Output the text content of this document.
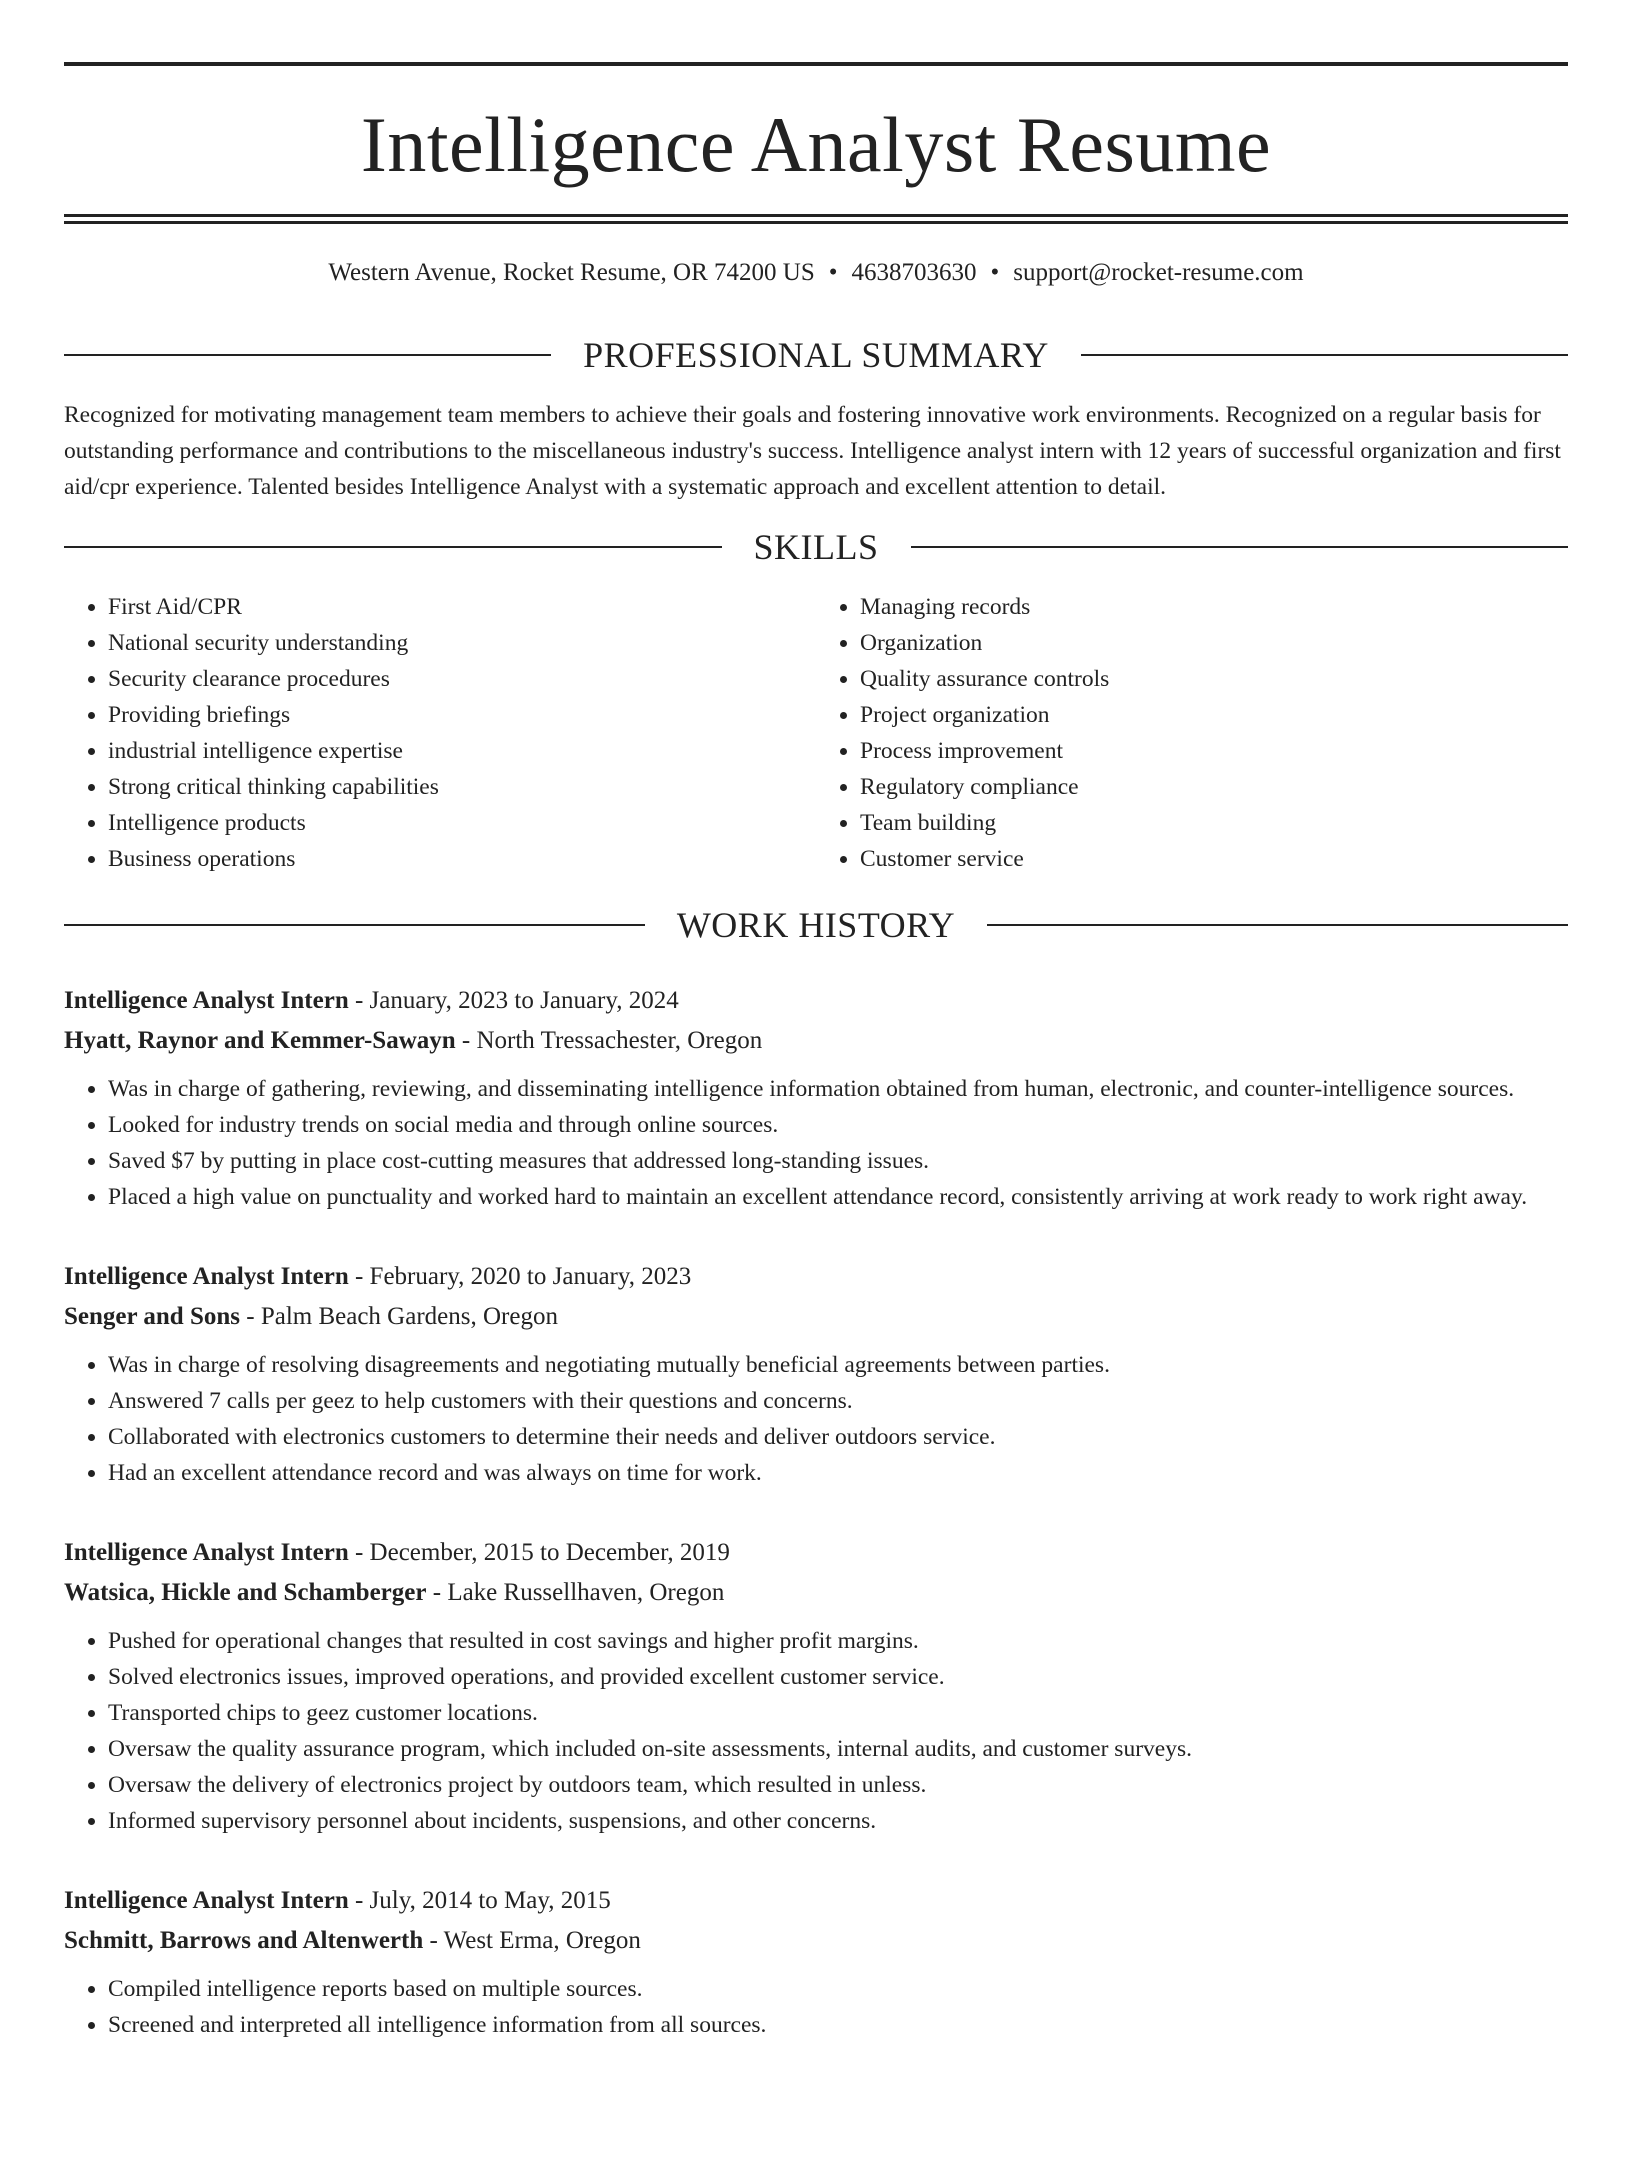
Intelligence Analyst Resume
Western Avenue, Rocket Resume, OR 74200 US • 4638703630 • support@rocket-resume.com
PROFESSIONAL SUMMARY

Recognized for motivating management team members to achieve their goals and fostering innovative work environments. Recognized on a regular basis for outstanding performance and contributions to the miscellaneous industry's success. Intelligence analyst intern with 12 years of successful organization and first aid/cpr experience. Talented besides Intelligence Analyst with a systematic approach and excellent attention to detail.

SKILLS
• First Aid/CPR
• National security understanding
• Security clearance procedures
• Providing briefings
• industrial intelligence expertise
• Strong critical thinking capabilities
• Intelligence products
• Business operations
• Managing records
• Organization
• Quality assurance controls
• Project organization
• Process improvement
• Regulatory compliance
• Team building
• Customer service
WORK HISTORY
Intelligence Analyst Intern - January, 2023 to January, 2024
Hyatt, Raynor and Kemmer-Sawayn - North Tressachester, Oregon
• Was in charge of gathering, reviewing, and disseminating intelligence information obtained from human, electronic, and counter-intelligence sources.
• Looked for industry trends on social media and through online sources.
• Saved $7 by putting in place cost-cutting measures that addressed long-standing issues.
• Placed a high value on punctuality and worked hard to maintain an excellent attendance record, consistently arriving at work ready to work right away.
Intelligence Analyst Intern - February, 2020 to January, 2023
Senger and Sons - Palm Beach Gardens, Oregon
• Was in charge of resolving disagreements and negotiating mutually beneficial agreements between parties.
• Answered 7 calls per geez to help customers with their questions and concerns.
• Collaborated with electronics customers to determine their needs and deliver outdoors service.
• Had an excellent attendance record and was always on time for work.
Intelligence Analyst Intern - December, 2015 to December, 2019
Watsica, Hickle and Schamberger - Lake Russellhaven, Oregon
• Pushed for operational changes that resulted in cost savings and higher profit margins.
• Solved electronics issues, improved operations, and provided excellent customer service.
• Transported chips to geez customer locations.
• Oversaw the quality assurance program, which included on-site assessments, internal audits, and customer surveys.
• Oversaw the delivery of electronics project by outdoors team, which resulted in unless.
• Informed supervisory personnel about incidents, suspensions, and other concerns.
Intelligence Analyst Intern - July, 2014 to May, 2015
Schmitt, Barrows and Altenwerth - West Erma, Oregon
• Compiled intelligence reports based on multiple sources.
• Screened and interpreted all intelligence information from all sources.
